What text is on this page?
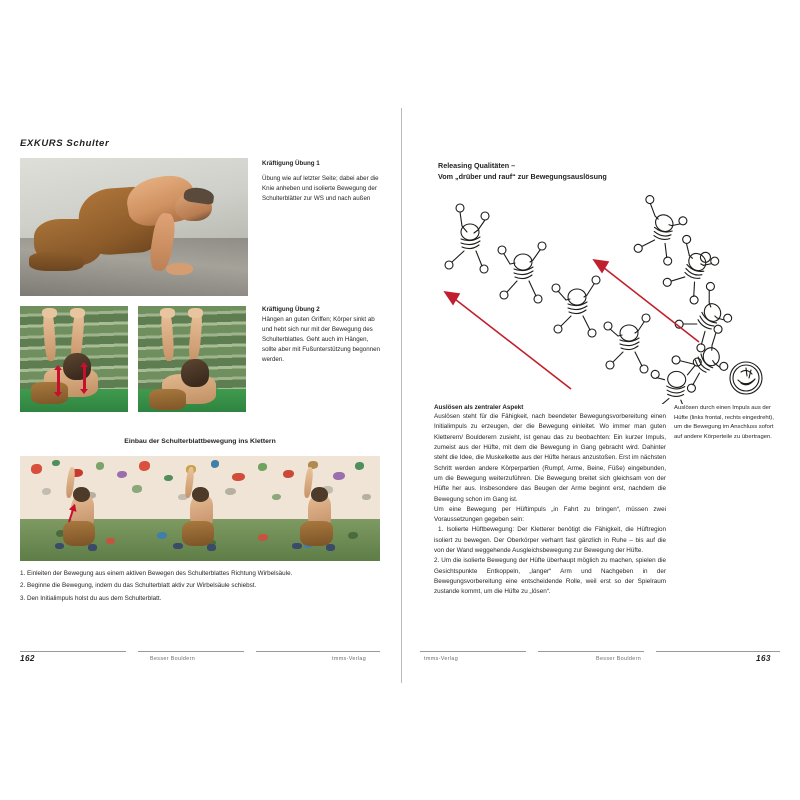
EXKURS Schulter

Kräftigung Übung 1

Übung wie auf letzter Seite; dabei aber die Knie anheben und isolierte Bewegung der Schulterblätter zur WS und nach außen

Kräftigung Übung 2

Hängen an guten Griffen; Körper sinkt ab und hebt sich nur mit der Bewegung des Schulterblattes. Geht auch im Hängen, sollte aber mit Fußunterstützung begonnen werden.

Einbau der Schulterblattbewegung ins Klettern
1. Einleiten der Bewegung aus einem aktiven Bewegen des Schulterblattes Richtung Wirbelsäule.
2. Beginne die Bewegung, indem du das Schulterblatt aktiv zur Wirbelsäule schiebst.
3. Den Initialimpuls holst du aus dem Schulterblatt.
162	Besser Bouldern	tmms-Verlag
Releasing Qualitäten –
Vom „drüber und rauf“ zur Bewegungsauslösung

Auslösen als zentraler Aspekt

Auslösen steht für die Fähigkeit, nach beendeter Bewegungsvorbereitung einen Initialimpuls zu erzeugen, der die Bewegung einleitet. Wo immer man guten Kletterern/ Boulderern zusieht, ist genau das zu beobachten: Ein kurzer Impuls, zumeist aus der Hüfte, mit dem die Bewegung in Gang gebracht wird. Dahinter steht die Idee, die Muskelkette aus der Hüfte heraus anzustoßen. Erst im nächsten Schritt werden andere Körperpartien (Rumpf, Arme, Beine, Füße) eingebunden, um die Bewegung weiterzuführen. Die Bewegung breitet sich gleichsam von der Hüfte her aus. Insbesondere das Beugen der Arme beginnt erst, nachdem die Bewegung schon im Gang ist.

Um eine Bewegung per Hüftimpuls „in Fahrt zu bringen“, müssen zwei Voraussetzungen gegeben sein:

1. Isolierte Hüftbewegung: Der Kletterer benötigt die Fähigkeit, die Hüftregion isoliert zu bewegen. Der Oberkörper verharrt fast gänzlich in Ruhe – bis auf die von der Wand weggehende Ausgleichsbewegung zur Bewegung der Hüfte.

2. Um die isolierte Bewegung der Hüfte überhaupt möglich zu machen, spielen die Gesichtspunkte Entkoppeln, „langer“ Arm und Nachgeben in der Bewegungsvorbereitung eine entscheidende Rolle, weil erst so der Spielraum zustande kommt, um die Hüfte zu „lösen“.

Auslösen durch einen Impuls aus der Hüfte (links frontal, rechts eingedreht), um die Bewegung im Anschluss sofort auf andere Körperteile zu übertragen.
tmms-Verlag	Besser Bouldern	163
